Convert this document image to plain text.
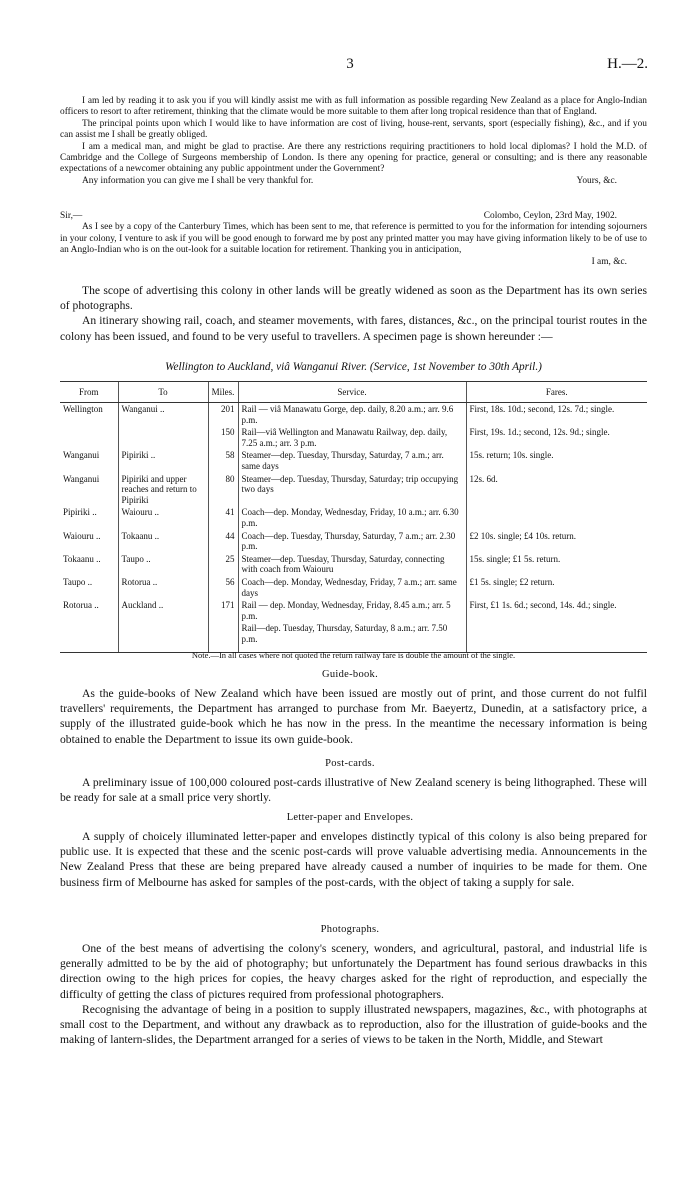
3	H.—2.

I am led by reading it to ask you if you will kindly assist me with as full information as possible regarding New Zealand as a place for Anglo-Indian officers to resort to after retirement, thinking that the climate would be more suitable to them after long tropical residence than that of England.

The principal points upon which I would like to have information are cost of living, house-rent, servants, sport (especially fishing), &c., and if you can assist me I shall be greatly obliged.

I am a medical man, and might be glad to practise. Are there any restrictions requiring practitioners to hold local diplomas? I hold the M.D. of Cambridge and the College of Surgeons membership of London. Is there any opening for practice, general or consulting; and is there any reasonable expectations of a newcomer obtaining any public appointment under the Government?

Any information you can give me I shall be very thankful for.	Yours, &c.
Sir,—	Colombo, Ceylon, 23rd May, 1902.

As I see by a copy of the Canterbury Times, which has been sent to me, that reference is permitted to you for the information for intending sojourners in your colony, I venture to ask if you will be good enough to forward me by post any printed matter you may have giving information likely to be of use to an Anglo-Indian who is on the out-look for a suitable location for retirement. Thanking you in anticipation,

I am, &c.

The scope of advertising this colony in other lands will be greatly widened as soon as the Department has its own series of photographs.

An itinerary showing rail, coach, and steamer movements, with fares, distances, &c., on the principal tourist routes in the colony has been issued, and found to be very useful to travellers. A specimen page is shown hereunder :—

Wellington to Auckland, viâ Wanganui River. (Service, 1st November to 30th April.)
From	To	Miles.	Service.	Fares.
Wellington	Wanganui ..	201	Rail — viâ Manawatu Gorge, dep. daily, 8.20 a.m.; arr. 9.6 p.m.	First, 18s. 10d.; second, 12s. 7d.; single.
		150	Rail—viâ Wellington and Manawatu Railway, dep. daily, 7.25 a.m.; arr. 3 p.m.	First, 19s. 1d.; second, 12s. 9d.; single.
Wanganui	Pipiriki ..	58	Steamer—dep. Tuesday, Thursday, Saturday, 7 a.m.; arr. same days	15s. return; 10s. single.
Wanganui	Pipiriki and upper reaches and return to Pipiriki	80	Steamer—dep. Tuesday, Thursday, Saturday; trip occupying two days	12s. 6d.
Pipiriki ..	Waiouru ..	41	Coach—dep. Monday, Wednesday, Friday, 10 a.m.; arr. 6.30 p.m.	
Waiouru ..	Tokaanu ..	44	Coach—dep. Tuesday, Thursday, Saturday, 7 a.m.; arr. 2.30 p.m.	£2 10s. single; £4 10s. return.
Tokaanu ..	Taupo ..	25	Steamer—dep. Tuesday, Thursday, Saturday, connecting with coach from Waiouru	15s. single; £1 5s. return.
Taupo ..	Rotorua ..	56	Coach—dep. Monday, Wednesday, Friday, 7 a.m.; arr. same days	£1 5s. single; £2 return.
Rotorua ..	Auckland ..	171	Rail — dep. Monday, Wednesday, Friday, 8.45 a.m.; arr. 5 p.m.	First, £1 1s. 6d.; second, 14s. 4d.; single.
			Rail—dep. Tuesday, Thursday, Saturday, 8 a.m.; arr. 7.50 p.m.	
Note.—In all cases where not quoted the return railway fare is double the amount of the single.
Guide-book.

As the guide-books of New Zealand which have been issued are mostly out of print, and those current do not fulfil travellers' requirements, the Department has arranged to purchase from Mr. Baeyertz, Dunedin, at a satisfactory price, a supply of the illustrated guide-book which he has now in the press. In the meantime the necessary information is being obtained to enable the Department to issue its own guide-book.

Post-cards.

A preliminary issue of 100,000 coloured post-cards illustrative of New Zealand scenery is being lithographed. These will be ready for sale at a small price very shortly.

Letter-paper and Envelopes.

A supply of choicely illuminated letter-paper and envelopes distinctly typical of this colony is also being prepared for public use. It is expected that these and the scenic post-cards will prove valuable advertising media. Announcements in the New Zealand Press that these are being prepared have already caused a number of inquiries to be made for them. One business firm of Melbourne has asked for samples of the post-cards, with the object of taking a supply for sale.

Photographs.

One of the best means of advertising the colony's scenery, wonders, and agricultural, pastoral, and industrial life is generally admitted to be by the aid of photography; but unfortunately the Department has found serious drawbacks in this direction owing to the high prices for copies, the heavy charges asked for the right of reproduction, and especially the difficulty of getting the class of pictures required from professional photographers.

Recognising the advantage of being in a position to supply illustrated newspapers, magazines, &c., with photographs at small cost to the Department, and without any drawback as to reproduction, also for the illustration of guide-books and the making of lantern-slides, the Department arranged for a series of views to be taken in the North, Middle, and Stewart
